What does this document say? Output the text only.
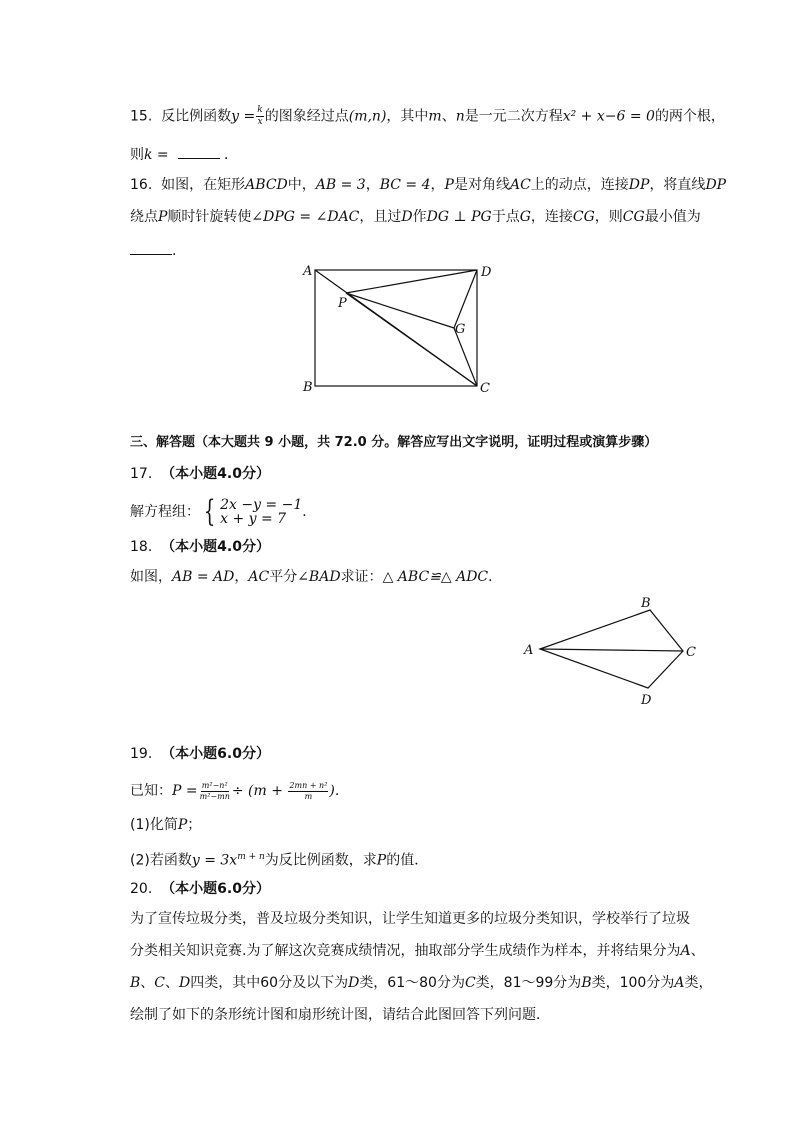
15. 反比例函数$y = \frac{k}{x}$ 的图象经过点(m,n)，其中m、n是一元二次方程x² + x−6 = 0的两个根，
则k =	．
16. 如图，在矩形ABCD中，AB = 3，BC = 4，P是对角线AC上的动点，连接DP，将直线DP
绕点P顺时针旋转使∠DPG = ∠DAC，且过D作DG ⊥ PG于点G，连接CG，则CG最小值为
.
A	D
B	C
P
G
三、解答题（本大题共 9 小题，共 72.0 分。解答应写出文字说明，证明过程或演算步骤）
17. （本小题4.0分）
解方程组： { 2x −y = −1
x + y = 7	．
18. （本小题4.0分）
如图，AB = AD，AC平分∠BAD求证：△ ABC≌△ ADC．
A
B
C
D
19. （本小题6.0分）
已知：$P = \frac{\text{m²−n²}}{\text{m²−mn}} \div (m + \frac{\text{2mn + n²}}{m}$ ).
(1)化简P；
(2)若函数$y = 3x^{m + n}$为反比例函数，求P的值．
20. （本小题6.0分）
为了宣传垃圾分类，普及垃圾分类知识，让学生知道更多的垃圾分类知识，学校举行了垃圾
分类相关知识竞赛.为了解这次竞赛成绩情况，抽取部分学生成绩作为样本，并将结果分为A、
B、C、D四类，其中60分及以下为D类，61～80分为C类，81～99分为B类，100分为A类，
绘制了如下的条形统计图和扇形统计图，请结合此图回答下列问题．
